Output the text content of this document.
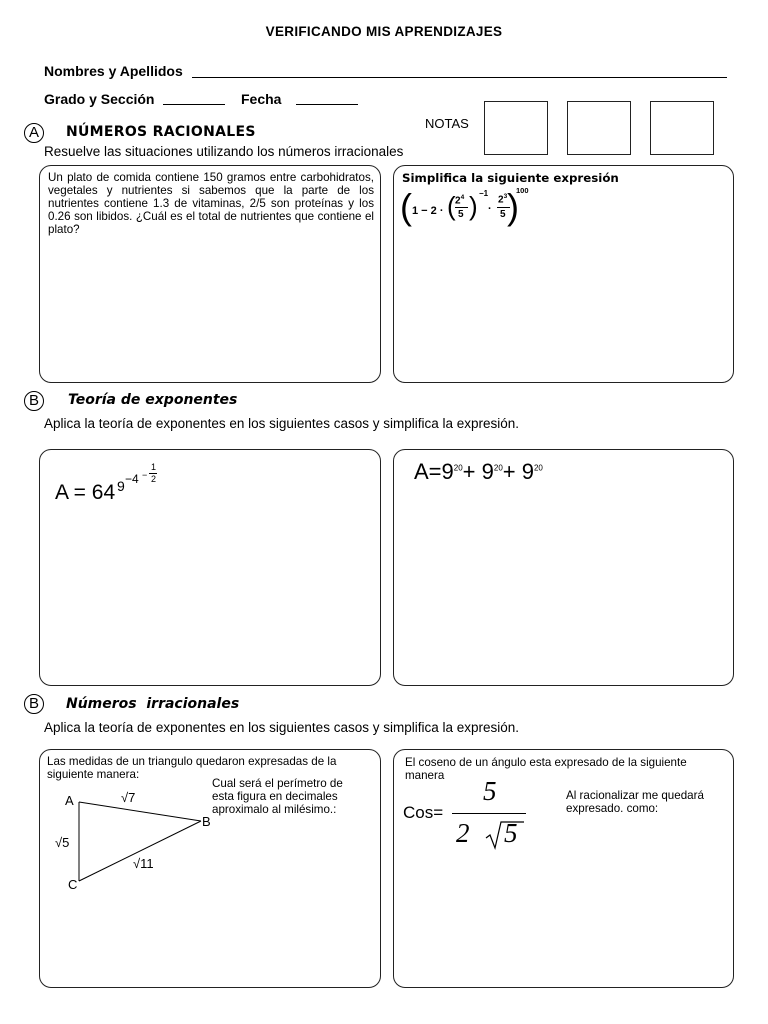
VERIFICANDO MIS APRENDIZAJES
Nombres y Apellidos
Grado y Sección	Fecha
NOTAS
A	NÚMEROS RACIONALES
Resuelve las situaciones utilizando los números irracionales
Un plato de comida contiene 150 gramos entre carbohidratos, vegetales y nutrientes si sabemos que la parte de los nutrientes contiene 1.3 de vitaminas, 2/5 son proteínas y los 0.26 son libidos. ¿Cuál es el total de nutrientes que contiene el plato?
Simplifica la siguiente expresión
( 1 − 2 · ( $2^4$
5 ) −1
·
$2^3$
5 )
100
B	Teoría de exponentes
Aplica la teoría de exponentes en los siguientes casos y simplifica la expresión.
A = 64 9 −4 −
1
2	$A=9^{20}+ 9^{20}+ 9^{20}$
B	Números  irracionales
Aplica la teoría de exponentes en los siguientes casos y simplifica la expresión.
Las medidas de un triangulo quedaron expresadas de la siguiente manera:
Cual será el perímetro de esta figura en decimales aproximalo al milésimo.:
A
B
C
√7
√5
√11
El coseno de un ángulo esta expresado de la siguiente manera
Cos=
5
2 5
Al racionalizar me quedará expresado. como:
